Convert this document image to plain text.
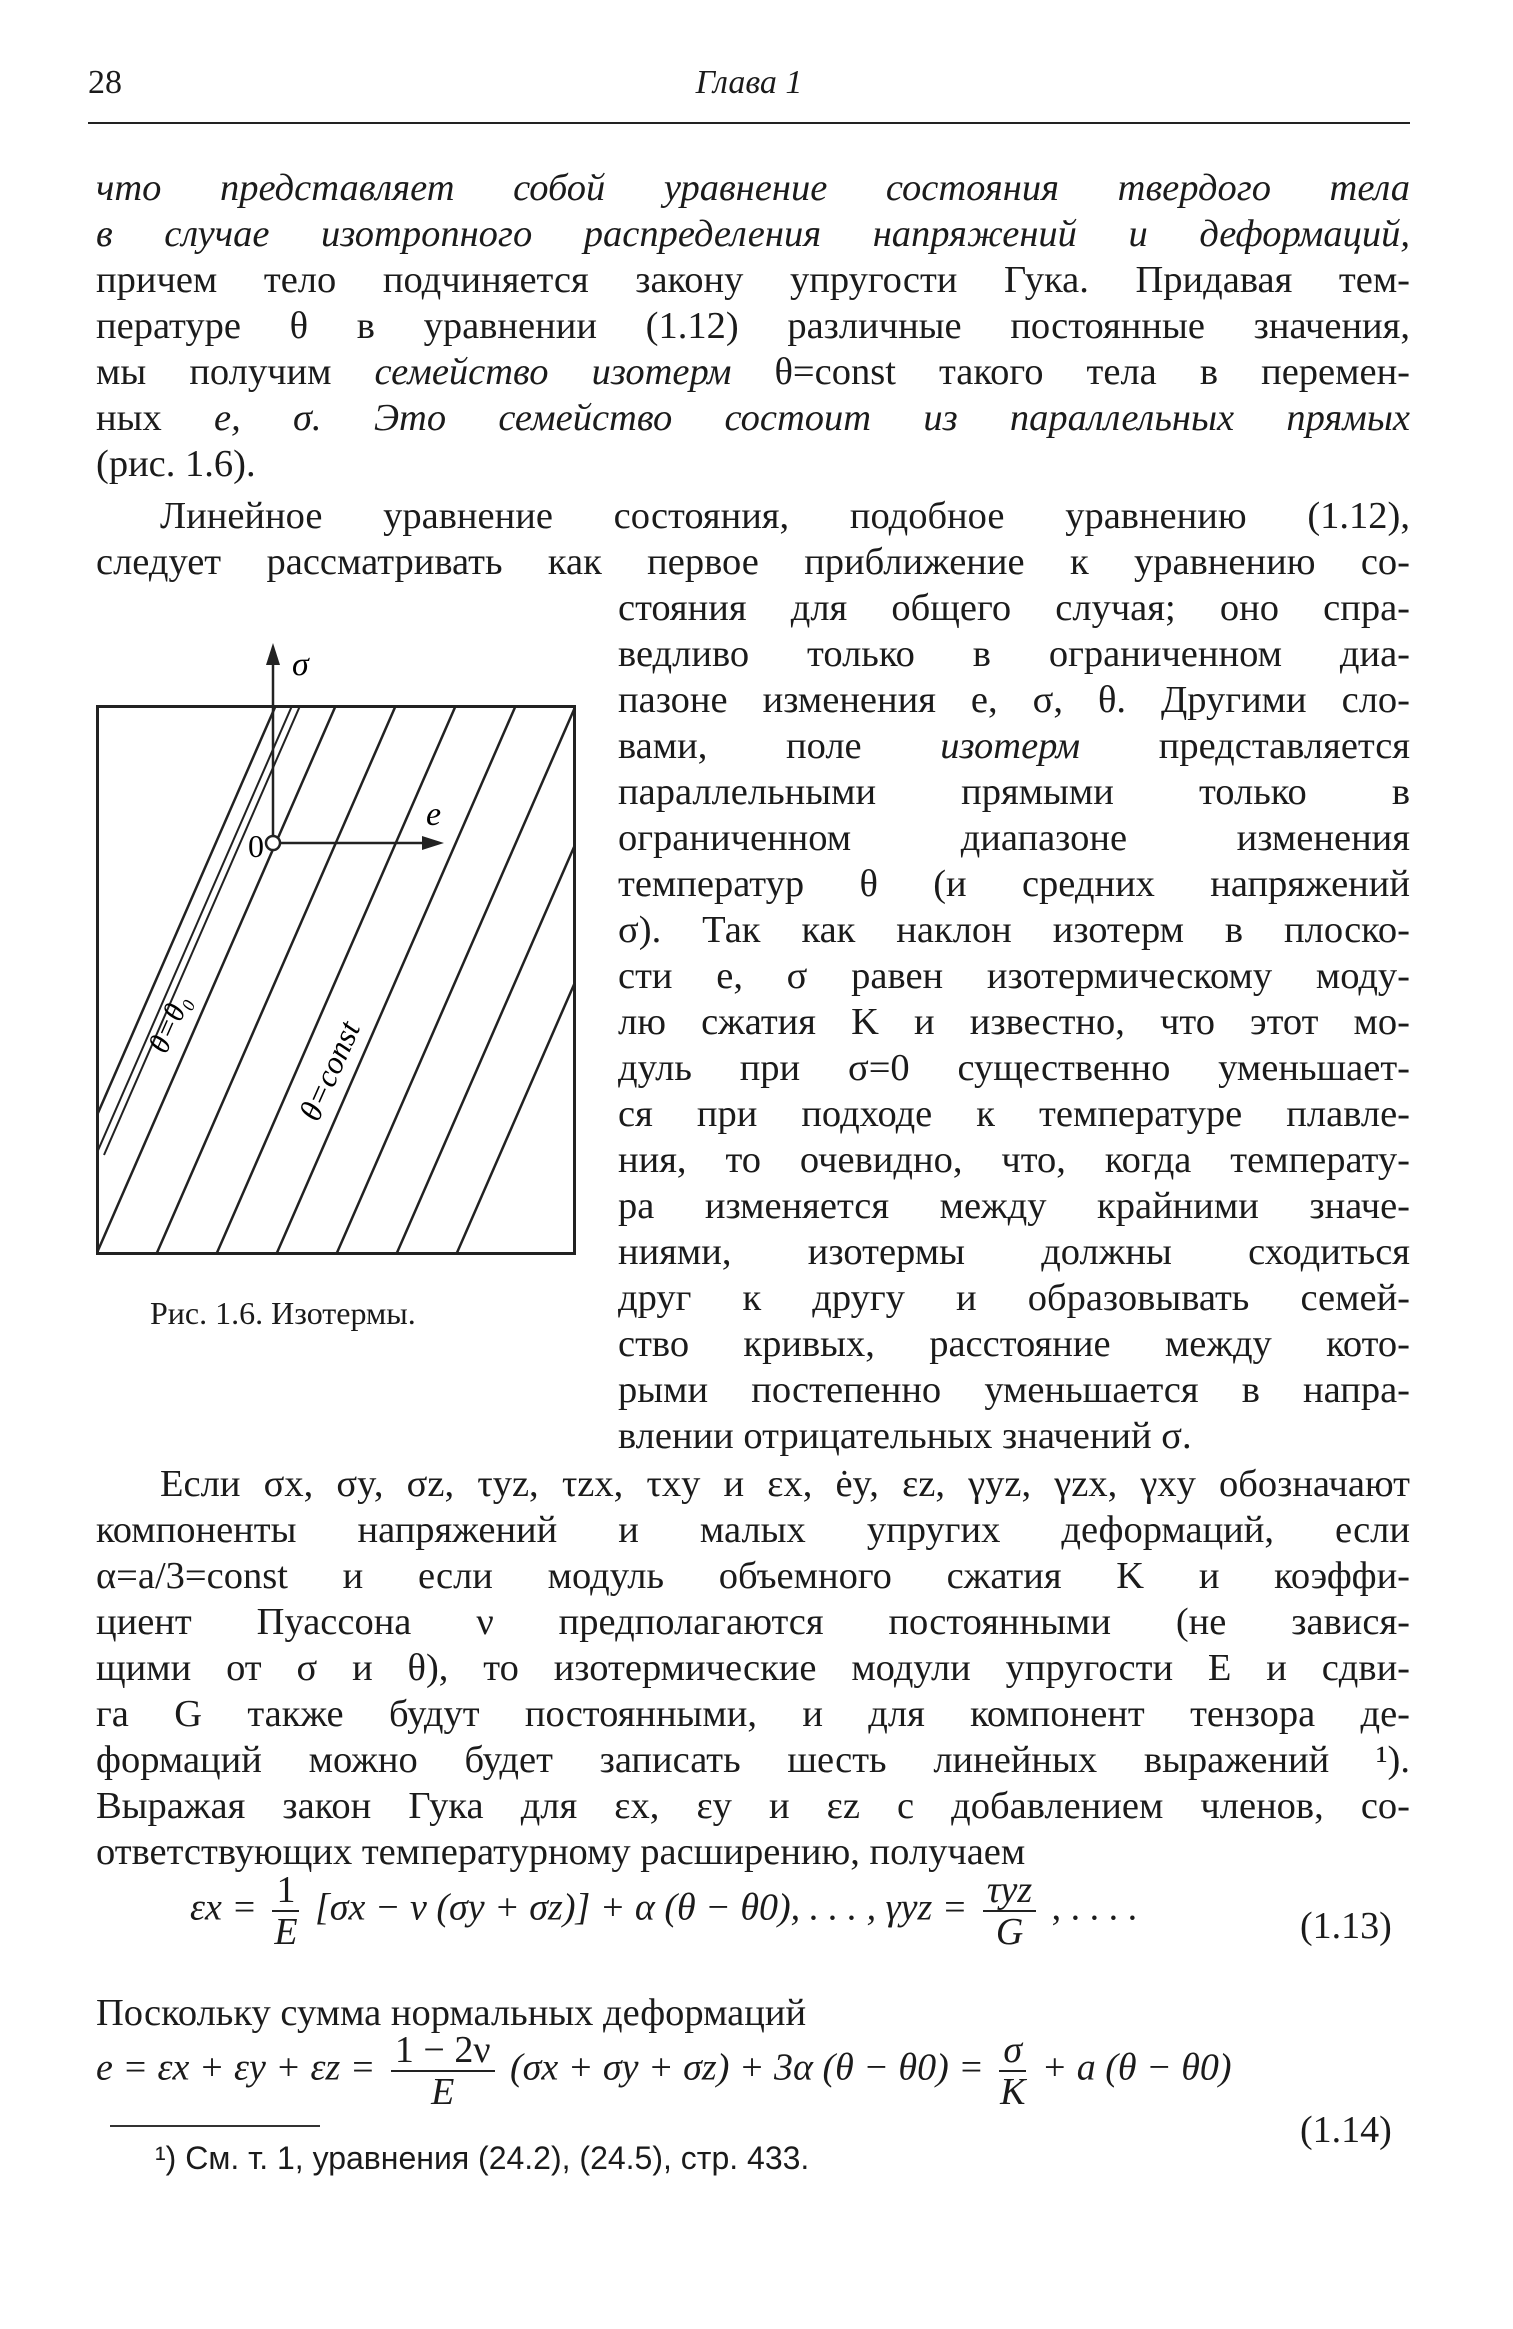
28	Глава 1
что представляет собой уравнение состояния твердого тела
в случае изотропного распределения напряжений и деформаций,
причем тело подчиняется закону упругости Гука. Придавая тем-
пературе θ в уравнении (1.12) различные постоянные значения,
мы получим семейство изотерм θ=const такого тела в перемен-
ных е, σ. Это семейство состоит из параллельных прямых
(рис. 1.6).
Линейное уравнение состояния, подобное уравнению (1.12),
следует рассматривать как первое приближение к уравнению со-
стояния для общего случая; оно спра-
ведливо только в ограниченном диа-
пазоне изменения е, σ, θ. Другими сло-
вами, поле изотерм представляется
параллельными прямыми только в
ограниченном диапазоне изменения
температур θ (и средних напряжений
σ). Так как наклон изотерм в плоско-
сти е, σ равен изотермическому моду-
лю сжатия K и известно, что этот мо-
дуль при σ=0 существенно уменьшает-
ся при подходе к температуре плавле-
ния, то очевидно, что, когда температу-
ра изменяется между крайними значе-
ниями, изотермы должны сходиться
друг к другу и образовывать семей-
ство кривых, расстояние между кото-
рыми постепенно уменьшается в напра-
влении отрицательных значений σ.
σ
e
0
θ=θ₀	θ=const
Рис. 1.6. Изотермы.
Если σx, σy, σz, τyz, τzx, τxy и εx, ėy, εz, γyz, γzx, γxy обозначают
компоненты напряжений и малых упругих деформаций, если
α=a/3=const и если модуль объемного сжатия K и коэффи-
циент Пуассона ν предполагаются постоянными (не завися-
щими от σ и θ), то изотермические модули упругости E и сдви-
га G также будут постоянными, и для компонент тензора де-
формаций можно будет записать шесть линейных выражений ¹).
Выражая закон Гука для εx, εy и εz с добавлением членов, со-
ответствующих температурному расширению, получаем
$\varepsilon x = \frac{1}{E} [\sigma x - \nu$ (σy + σz)] + α (θ − θ0), . . . , $\gamma yz = \frac{\text{τyz}}{G}$ , . . . .	(1.13)
Поскольку сумма нормальных деформаций
$e = \varepsilon x + \varepsilon y + \varepsilon z = \frac{1 - 2\nu}{E} (\sigma x + \sigma y + \sigma z) + 3\alpha$ $(\theta - \theta 0) = \frac{\sigma}{K} + a$ (θ − θ0)
(1.14)
¹) См. т. 1, уравнения (24.2), (24.5), стр. 433.
